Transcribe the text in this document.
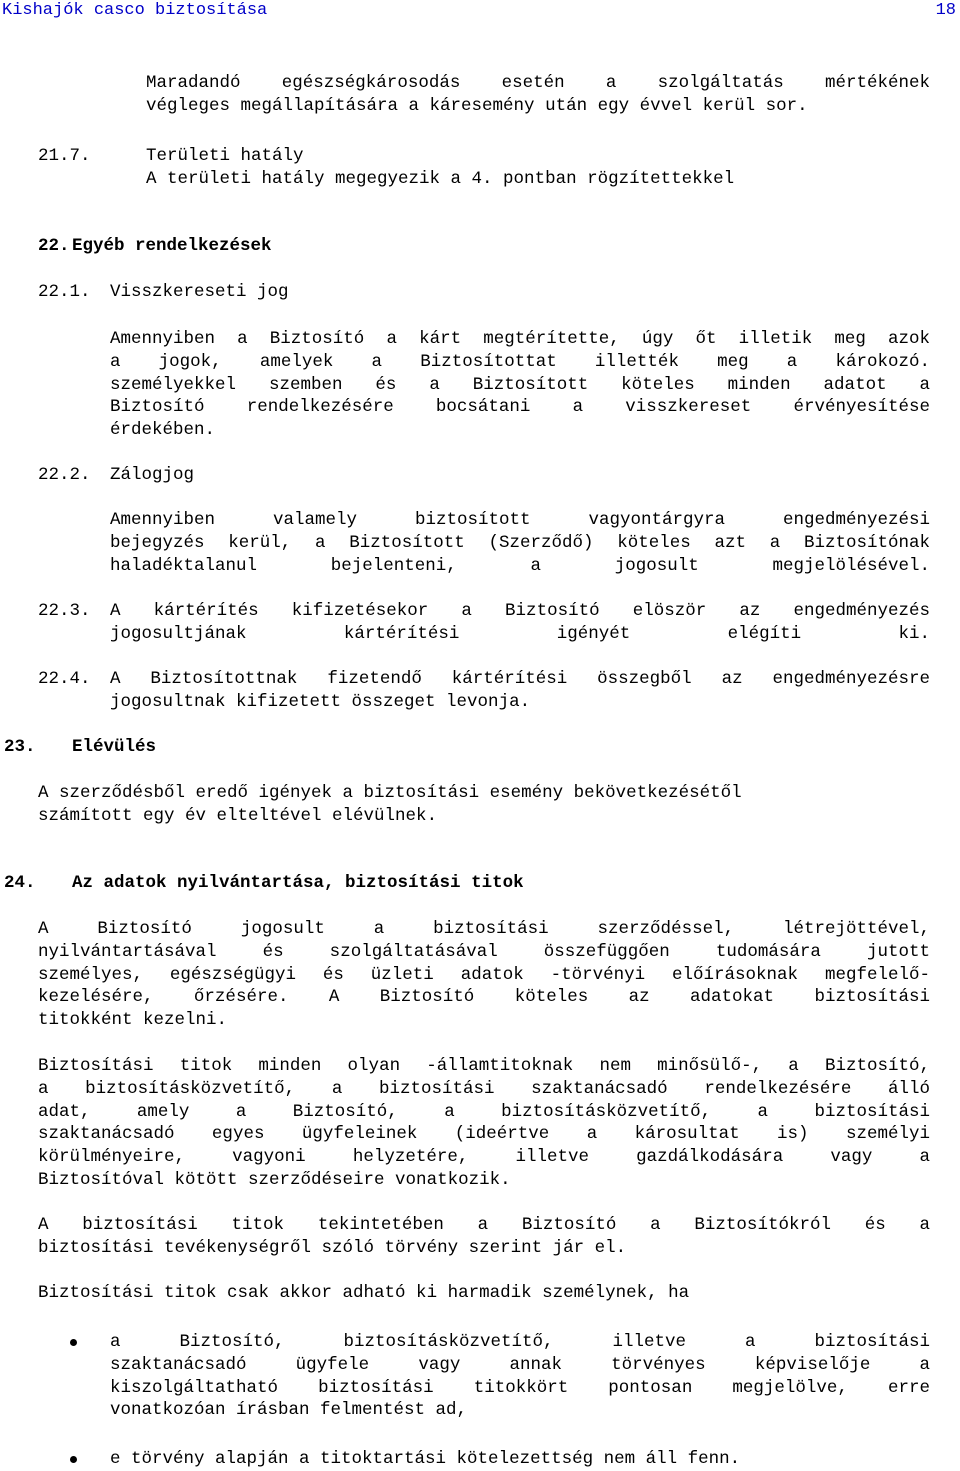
Kishajók casco biztosítása	18
Maradandó egészségkárosodás esetén a szolgáltatás mértékének
végleges megállapítására a káresemény után egy évvel kerül sor.
21.7.	Területi hatály
A területi hatály megegyezik a 4. pontban rögzítettekkel
22. Egyéb rendelkezések
22.1. Visszkereseti jog
Amennyiben a Biztosító a kárt megtérítette, úgy őt illetik meg azok
a jogok, amelyek a Biztosítottat illették meg a károkozó.
személyekkel szemben és a Biztosított köteles minden adatot a
Biztosító rendelkezésére bocsátani a visszkereset érvényesítése
érdekében.
22.2. Zálogjog
Amennyiben valamely biztosított vagyontárgyra engedményezési
bejegyzés kerül, a Biztosított (Szerződő) köteles azt a Biztosítónak
haladéktalanul bejelenteni, a jogosult megjelölésével.
22.3. A kártérítés kifizetésekor a Biztosító elöször az engedményezés
jogosultjának kártérítési igényét elégíti ki.
22.4. A Biztosítottnak fizetendő kártérítési összegből az engedményezésre
jogosultnak kifizetett összeget levonja.
23. Elévülés
A szerződésből eredő igények a biztosítási esemény bekövetkezésétől
számított egy év elteltével elévülnek.
24. Az adatok nyilvántartása, biztosítási titok
A Biztosító jogosult a biztosítási szerződéssel, létrejöttével,
nyilvántartásával és szolgáltatásával összefüggően tudomására jutott
személyes, egészségügyi és üzleti adatok -törvényi előírásoknak megfelelő-
kezelésére, őrzésére. A Biztosító köteles az adatokat biztosítási
titokként kezelni.
Biztosítási titok minden olyan -államtitoknak nem minősülő-, a Biztosító,
a biztosításközvetítő, a biztosítási szaktanácsadó rendelkezésére álló
adat, amely a Biztosító, a biztosításközvetítő, a biztosítási
szaktanácsadó egyes ügyfeleinek (ideértve a károsultat is) személyi
körülményeire, vagyoni helyzetére, illetve gazdálkodására vagy a
Biztosítóval kötött szerződéseire vonatkozik.
A biztosítási titok tekintetében a Biztosító a Biztosítókról és a
biztosítási tevékenységről szóló törvény szerint jár el.
Biztosítási titok csak akkor adható ki harmadik személynek, ha
a Biztosító, biztosításközvetítő, illetve a biztosítási
szaktanácsadó ügyfele vagy annak törvényes képviselője a
kiszolgáltatható biztosítási titokkört pontosan megjelölve, erre
vonatkozóan írásban felmentést ad,
e törvény alapján a titoktartási kötelezettség nem áll fenn.
